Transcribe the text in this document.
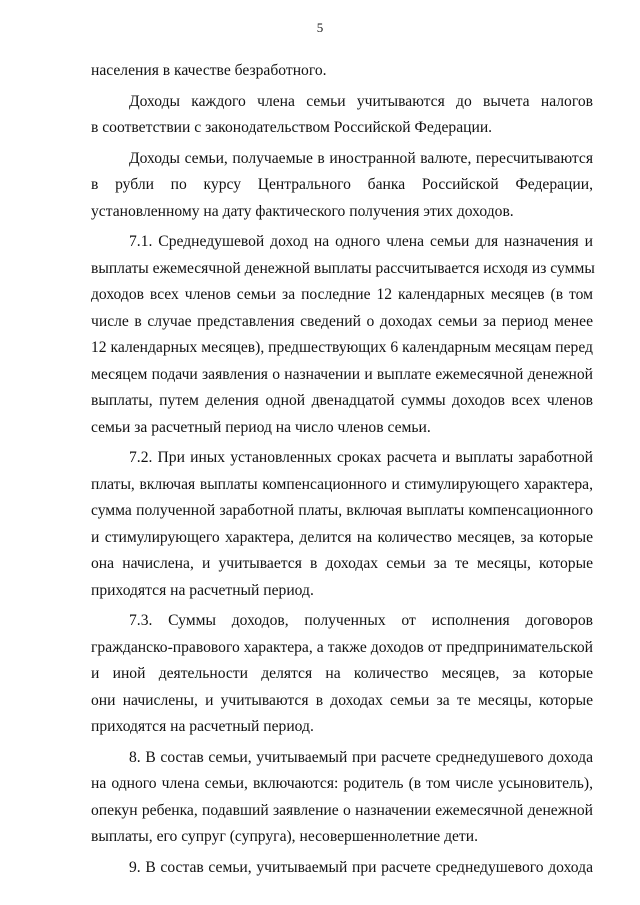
5
населения в качестве безработного.
Доходы каждого члена семьи учитываются до вычета налогов
в соответствии с законодательством Российской Федерации.
Доходы семьи, получаемые в иностранной валюте, пересчитываются
в рубли по курсу Центрального банка Российской Федерации,
установленному на дату фактического получения этих доходов.
7.1. Среднедушевой доход на одного члена семьи для назначения и
выплаты ежемесячной денежной выплаты рассчитывается исходя из суммы
доходов всех членов семьи за последние 12 календарных месяцев (в том
числе в случае представления сведений о доходах семьи за период менее
12 календарных месяцев), предшествующих 6 календарным месяцам перед
месяцем подачи заявления о назначении и выплате ежемесячной денежной
выплаты, путем деления одной двенадцатой суммы доходов всех членов
семьи за расчетный период на число членов семьи.
7.2. При иных установленных сроках расчета и выплаты заработной
платы, включая выплаты компенсационного и стимулирующего характера,
сумма полученной заработной платы, включая выплаты компенсационного
и стимулирующего характера, делится на количество месяцев, за которые
она начислена, и учитывается в доходах семьи за те месяцы, которые
приходятся на расчетный период.
7.3. Суммы доходов, полученных от исполнения договоров
гражданско-правового характера, а также доходов от предпринимательской
и иной деятельности делятся на количество месяцев, за которые
они начислены, и учитываются в доходах семьи за те месяцы, которые
приходятся на расчетный период.
8. В состав семьи, учитываемый при расчете среднедушевого дохода
на одного члена семьи, включаются: родитель (в том числе усыновитель),
опекун ребенка, подавший заявление о назначении ежемесячной денежной
выплаты, его супруг (супруга), несовершеннолетние дети.
9. В состав семьи, учитываемый при расчете среднедушевого дохода
